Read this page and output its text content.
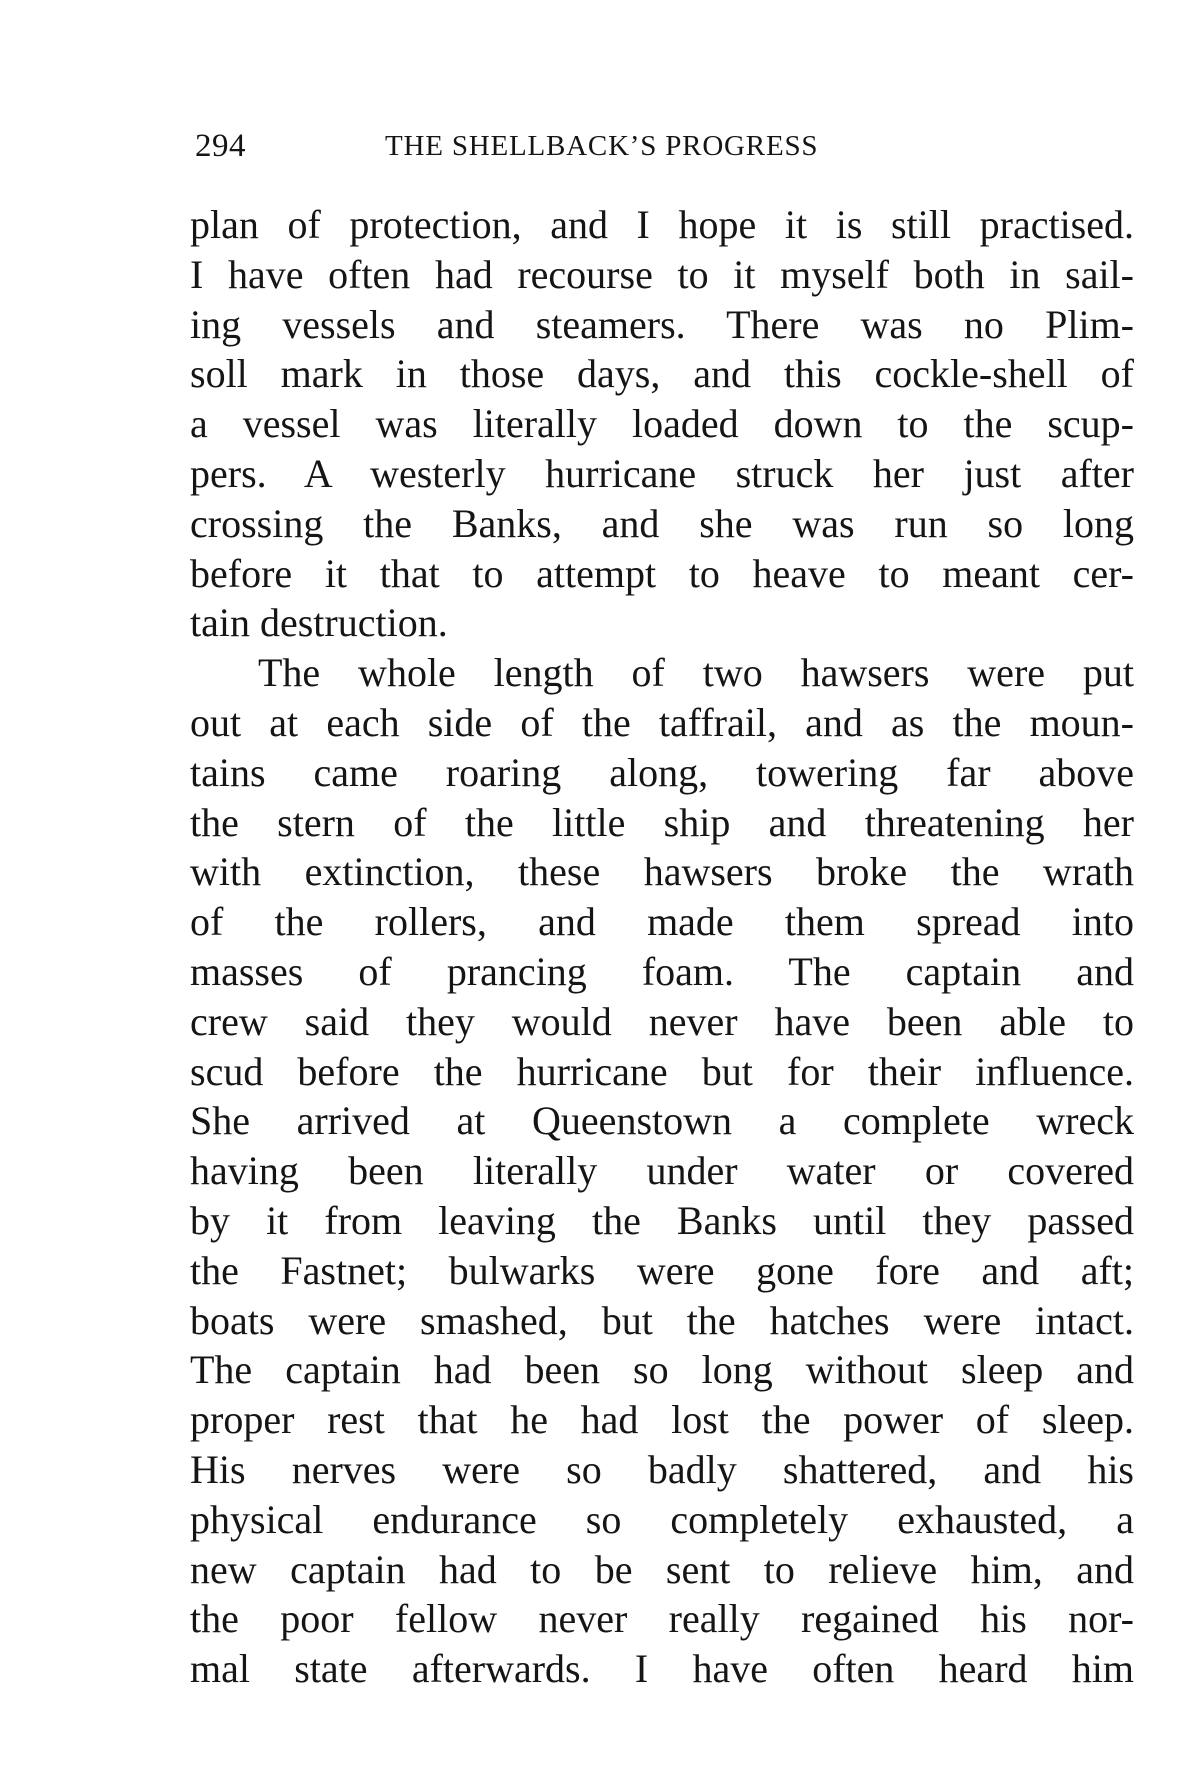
294	THE SHELLBACK’S PROGRESS
plan of protection, and I hope it is still practised.
I have often had recourse to it myself both in sail-
ing vessels and steamers. There was no Plim-
soll mark in those days, and this cockle-shell of
a vessel was literally loaded down to the scup-
pers. A westerly hurricane struck her just after
crossing the Banks, and she was run so long
before it that to attempt to heave to meant cer-
tain destruction.
The whole length of two hawsers were put
out at each side of the taffrail, and as the moun-
tains came roaring along, towering far above
the stern of the little ship and threatening her
with extinction, these hawsers broke the wrath
of the rollers, and made them spread into
masses of prancing foam. The captain and
crew said they would never have been able to
scud before the hurricane but for their influence.
She arrived at Queenstown a complete wreck
having been literally under water or covered
by it from leaving the Banks until they passed
the Fastnet; bulwarks were gone fore and aft;
boats were smashed, but the hatches were intact.
The captain had been so long without sleep and
proper rest that he had lost the power of sleep.
His nerves were so badly shattered, and his
physical endurance so completely exhausted, a
new captain had to be sent to relieve him, and
the poor fellow never really regained his nor-
mal state afterwards. I have often heard him
